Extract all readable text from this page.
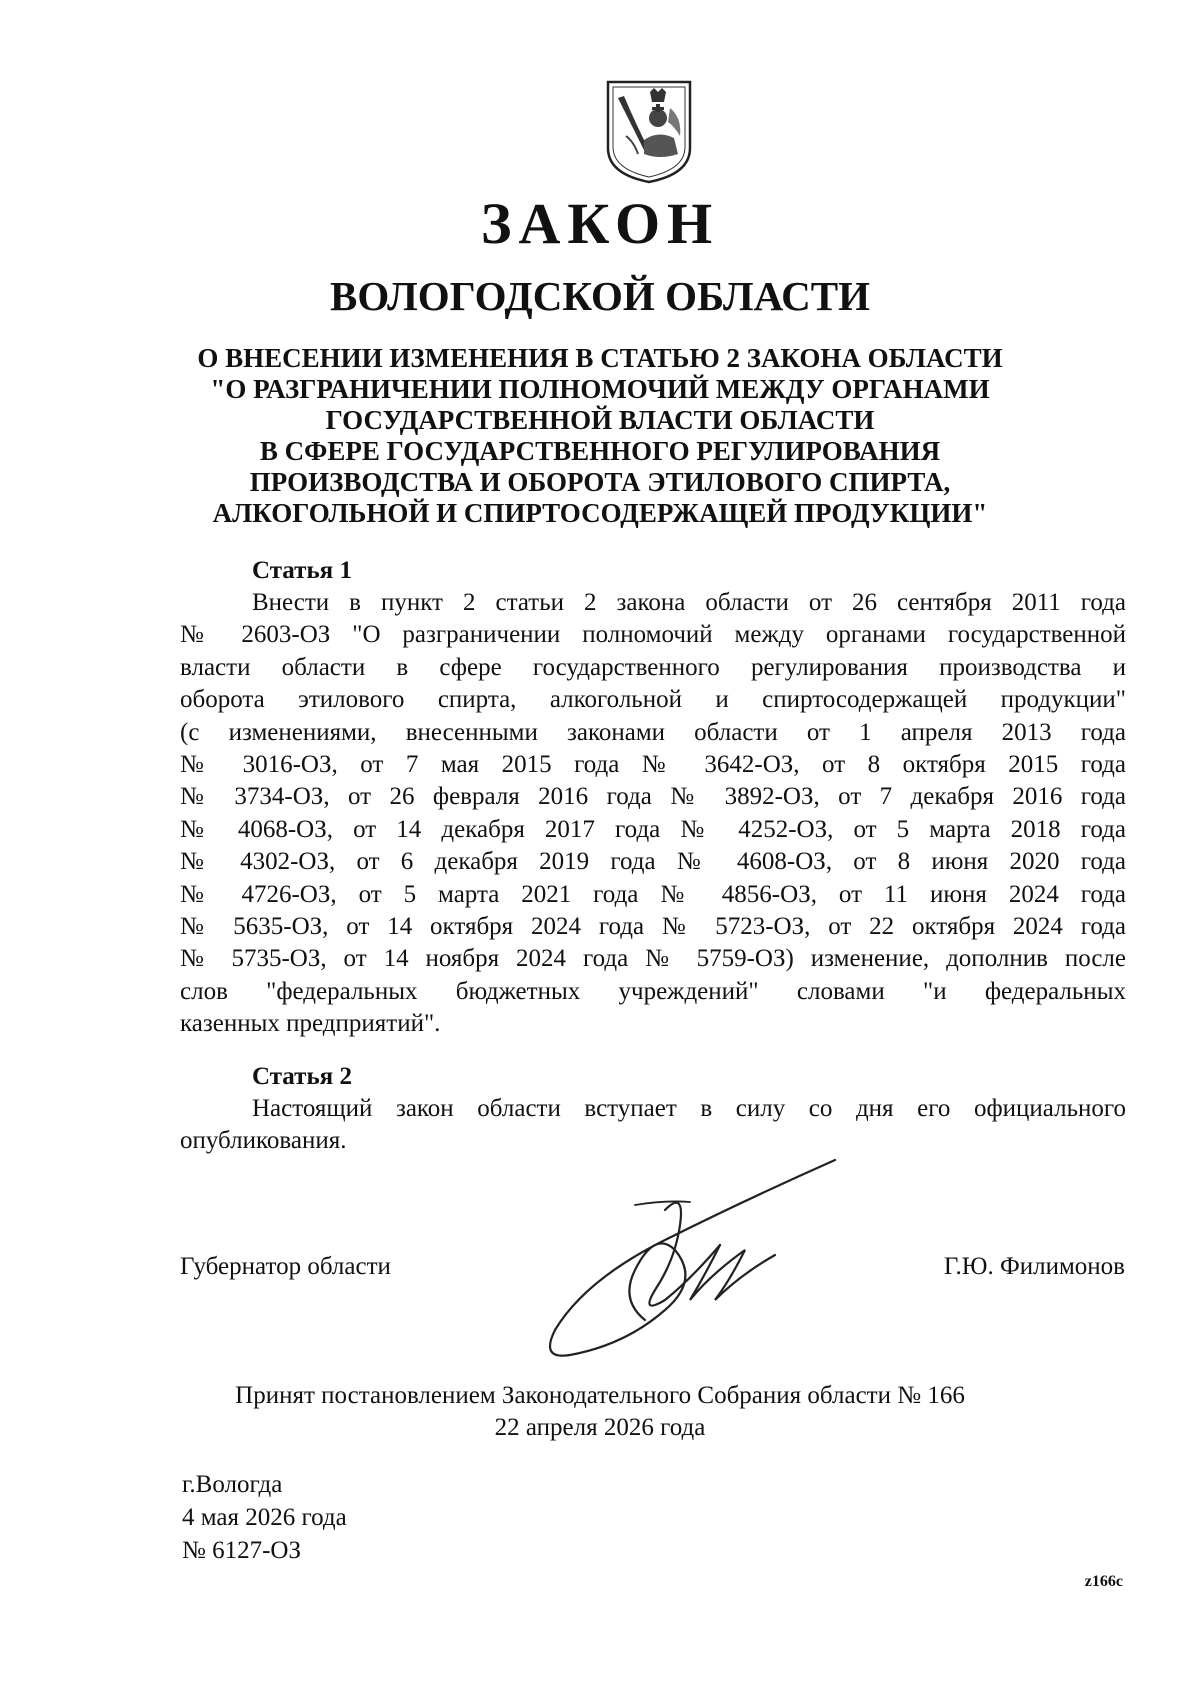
ЗАКОН
ВОЛОГОДСКОЙ ОБЛАСТИ
О ВНЕСЕНИИ ИЗМЕНЕНИЯ В СТАТЬЮ 2 ЗАКОНА ОБЛАСТИ
"О РАЗГРАНИЧЕНИИ ПОЛНОМОЧИЙ МЕЖДУ ОРГАНАМИ
ГОСУДАРСТВЕННОЙ ВЛАСТИ ОБЛАСТИ
В СФЕРЕ ГОСУДАРСТВЕННОГО РЕГУЛИРОВАНИЯ
ПРОИЗВОДСТВА И ОБОРОТА ЭТИЛОВОГО СПИРТА,
АЛКОГОЛЬНОЙ И СПИРТОСОДЕРЖАЩЕЙ ПРОДУКЦИИ"
Статья 1
Внести в пункт 2 статьи 2 закона области от 26 сентября 2011 года
№ 2603-ОЗ "О разграничении полномочий между органами государственной
власти области в сфере государственного регулирования производства и
оборота этилового спирта, алкогольной и спиртосодержащей продукции"
(с изменениями, внесенными законами области от 1 апреля 2013 года
№ 3016-ОЗ, от 7 мая 2015 года № 3642-ОЗ, от 8 октября 2015 года
№ 3734-ОЗ, от 26 февраля 2016 года № 3892-ОЗ, от 7 декабря 2016 года
№ 4068-ОЗ, от 14 декабря 2017 года № 4252-ОЗ, от 5 марта 2018 года
№ 4302-ОЗ, от 6 декабря 2019 года № 4608-ОЗ, от 8 июня 2020 года
№ 4726-ОЗ, от 5 марта 2021 года № 4856-ОЗ, от 11 июня 2024 года
№ 5635-ОЗ, от 14 октября 2024 года № 5723-ОЗ, от 22 октября 2024 года
№ 5735-ОЗ, от 14 ноября 2024 года № 5759-ОЗ) изменение, дополнив после
слов "федеральных бюджетных учреждений" словами "и федеральных
казенных предприятий".
Статья 2
Настоящий закон области вступает в силу со дня его официального
опубликования.
Губернатор области	Г.Ю. Филимонов
Принят постановлением Законодательного Собрания области № 166
22 апреля 2026 года
г.Вологда
4 мая 2026 года
№ 6127-ОЗ
z166c
